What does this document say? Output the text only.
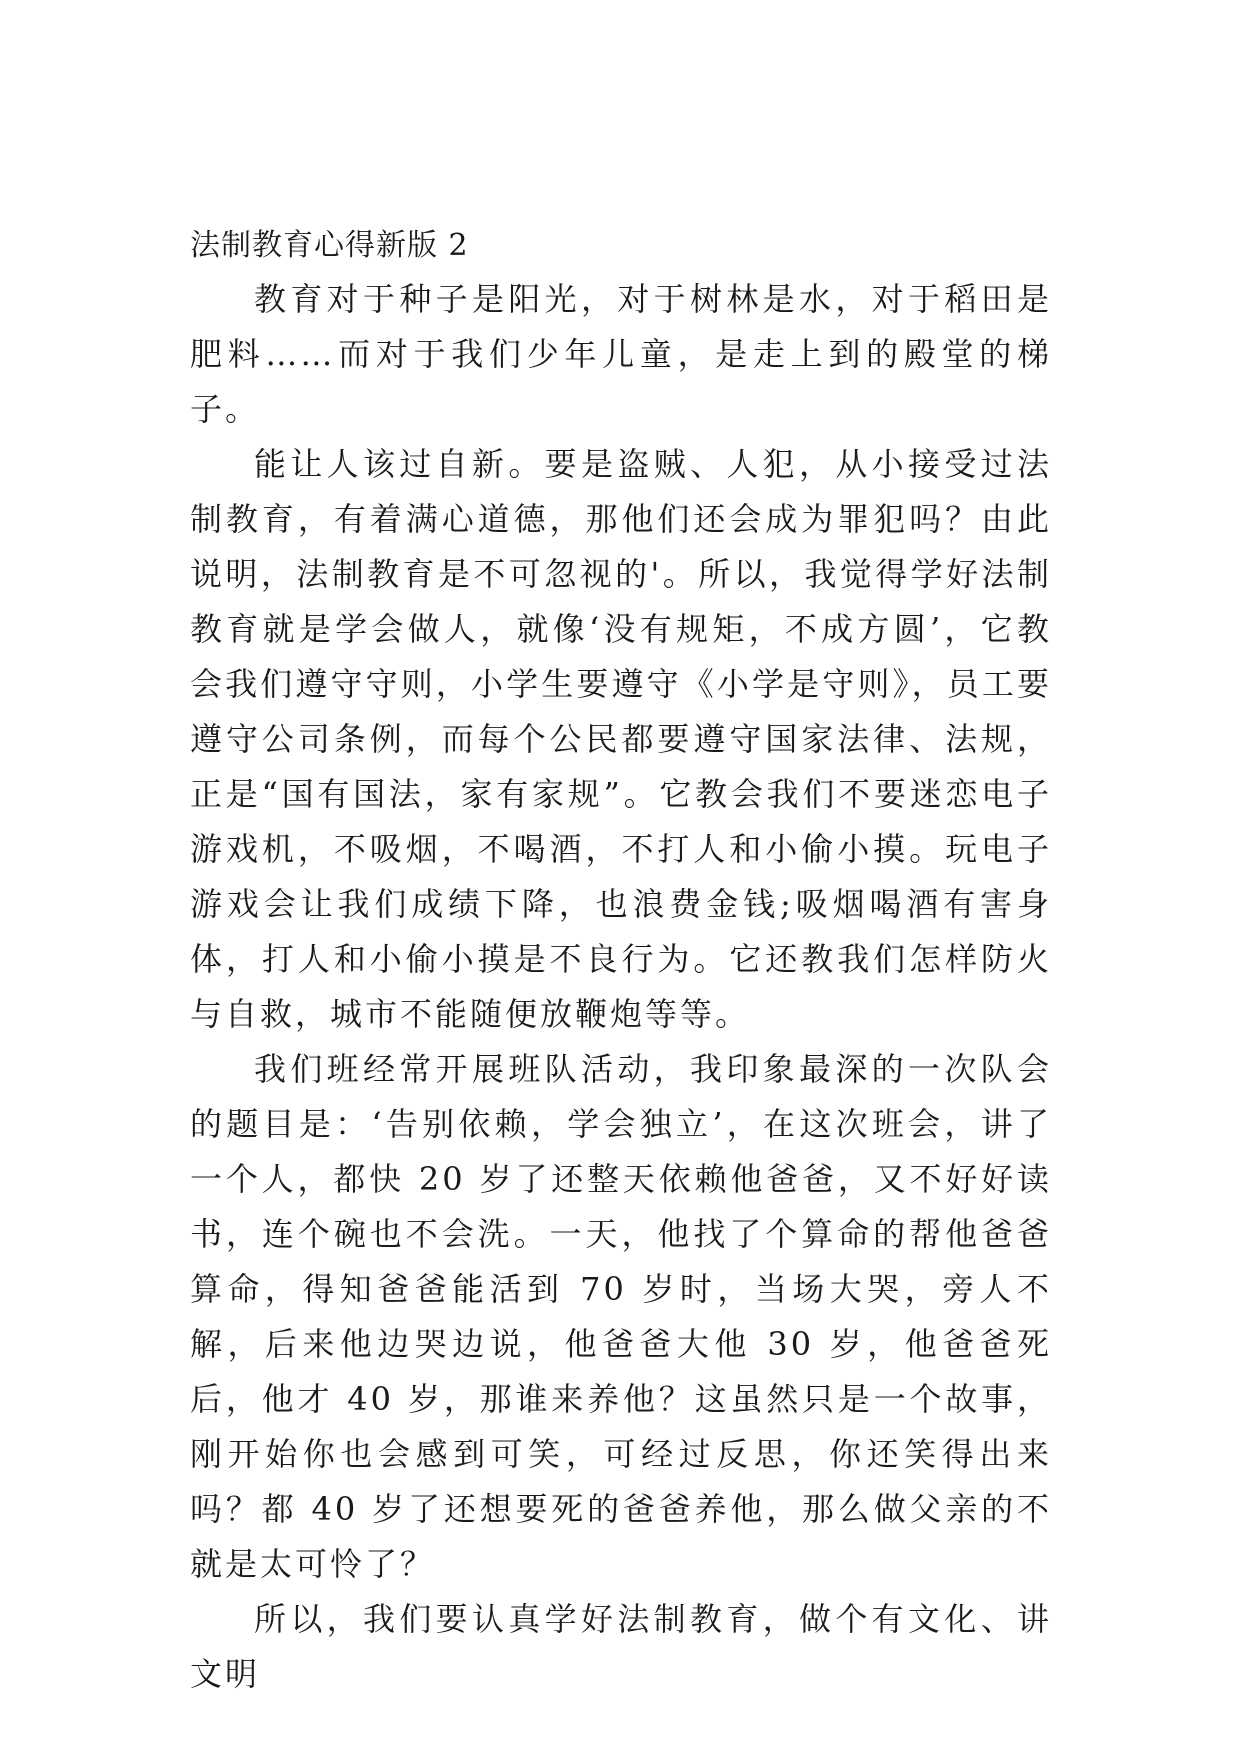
法制教育心得新版 2

教育对于种子是阳光，对于树林是水，对于稻田是肥料……而对于我们少年儿童，是走上到的殿堂的梯子。

能让人该过自新。要是盗贼、人犯，从小接受过法制教育，有着满心道德，那他们还会成为罪犯吗？由此说明，法制教育是不可忽视的'。所以，我觉得学好法制教育就是学会做人，就像‘没有规矩，不成方圆’，它教会我们遵守守则，小学生要遵守《小学是守则》，员工要遵守公司条例，而每个公民都要遵守国家法律、法规，正是“国有国法，家有家规”。它教会我们不要迷恋电子游戏机，不吸烟，不喝酒，不打人和小偷小摸。玩电子游戏会让我们成绩下降，也浪费金钱;吸烟喝酒有害身体，打人和小偷小摸是不良行为。它还教我们怎样防火与自救，城市不能随便放鞭炮等等。

我们班经常开展班队活动，我印象最深的一次队会的题目是：‘告别依赖，学会独立’，在这次班会，讲了一个人，都快 20 岁了还整天依赖他爸爸，又不好好读书，连个碗也不会洗。一天，他找了个算命的帮他爸爸算命，得知爸爸能活到 70 岁时，当场大哭，旁人不解，后来他边哭边说，他爸爸大他 30 岁，他爸爸死后，他才 40 岁，那谁来养他？这虽然只是一个故事，刚开始你也会感到可笑，可经过反思，你还笑得出来吗？都 40 岁了还想要死的爸爸养他，那么做父亲的不就是太可怜了？

所以，我们要认真学好法制教育，做个有文化、讲文明
